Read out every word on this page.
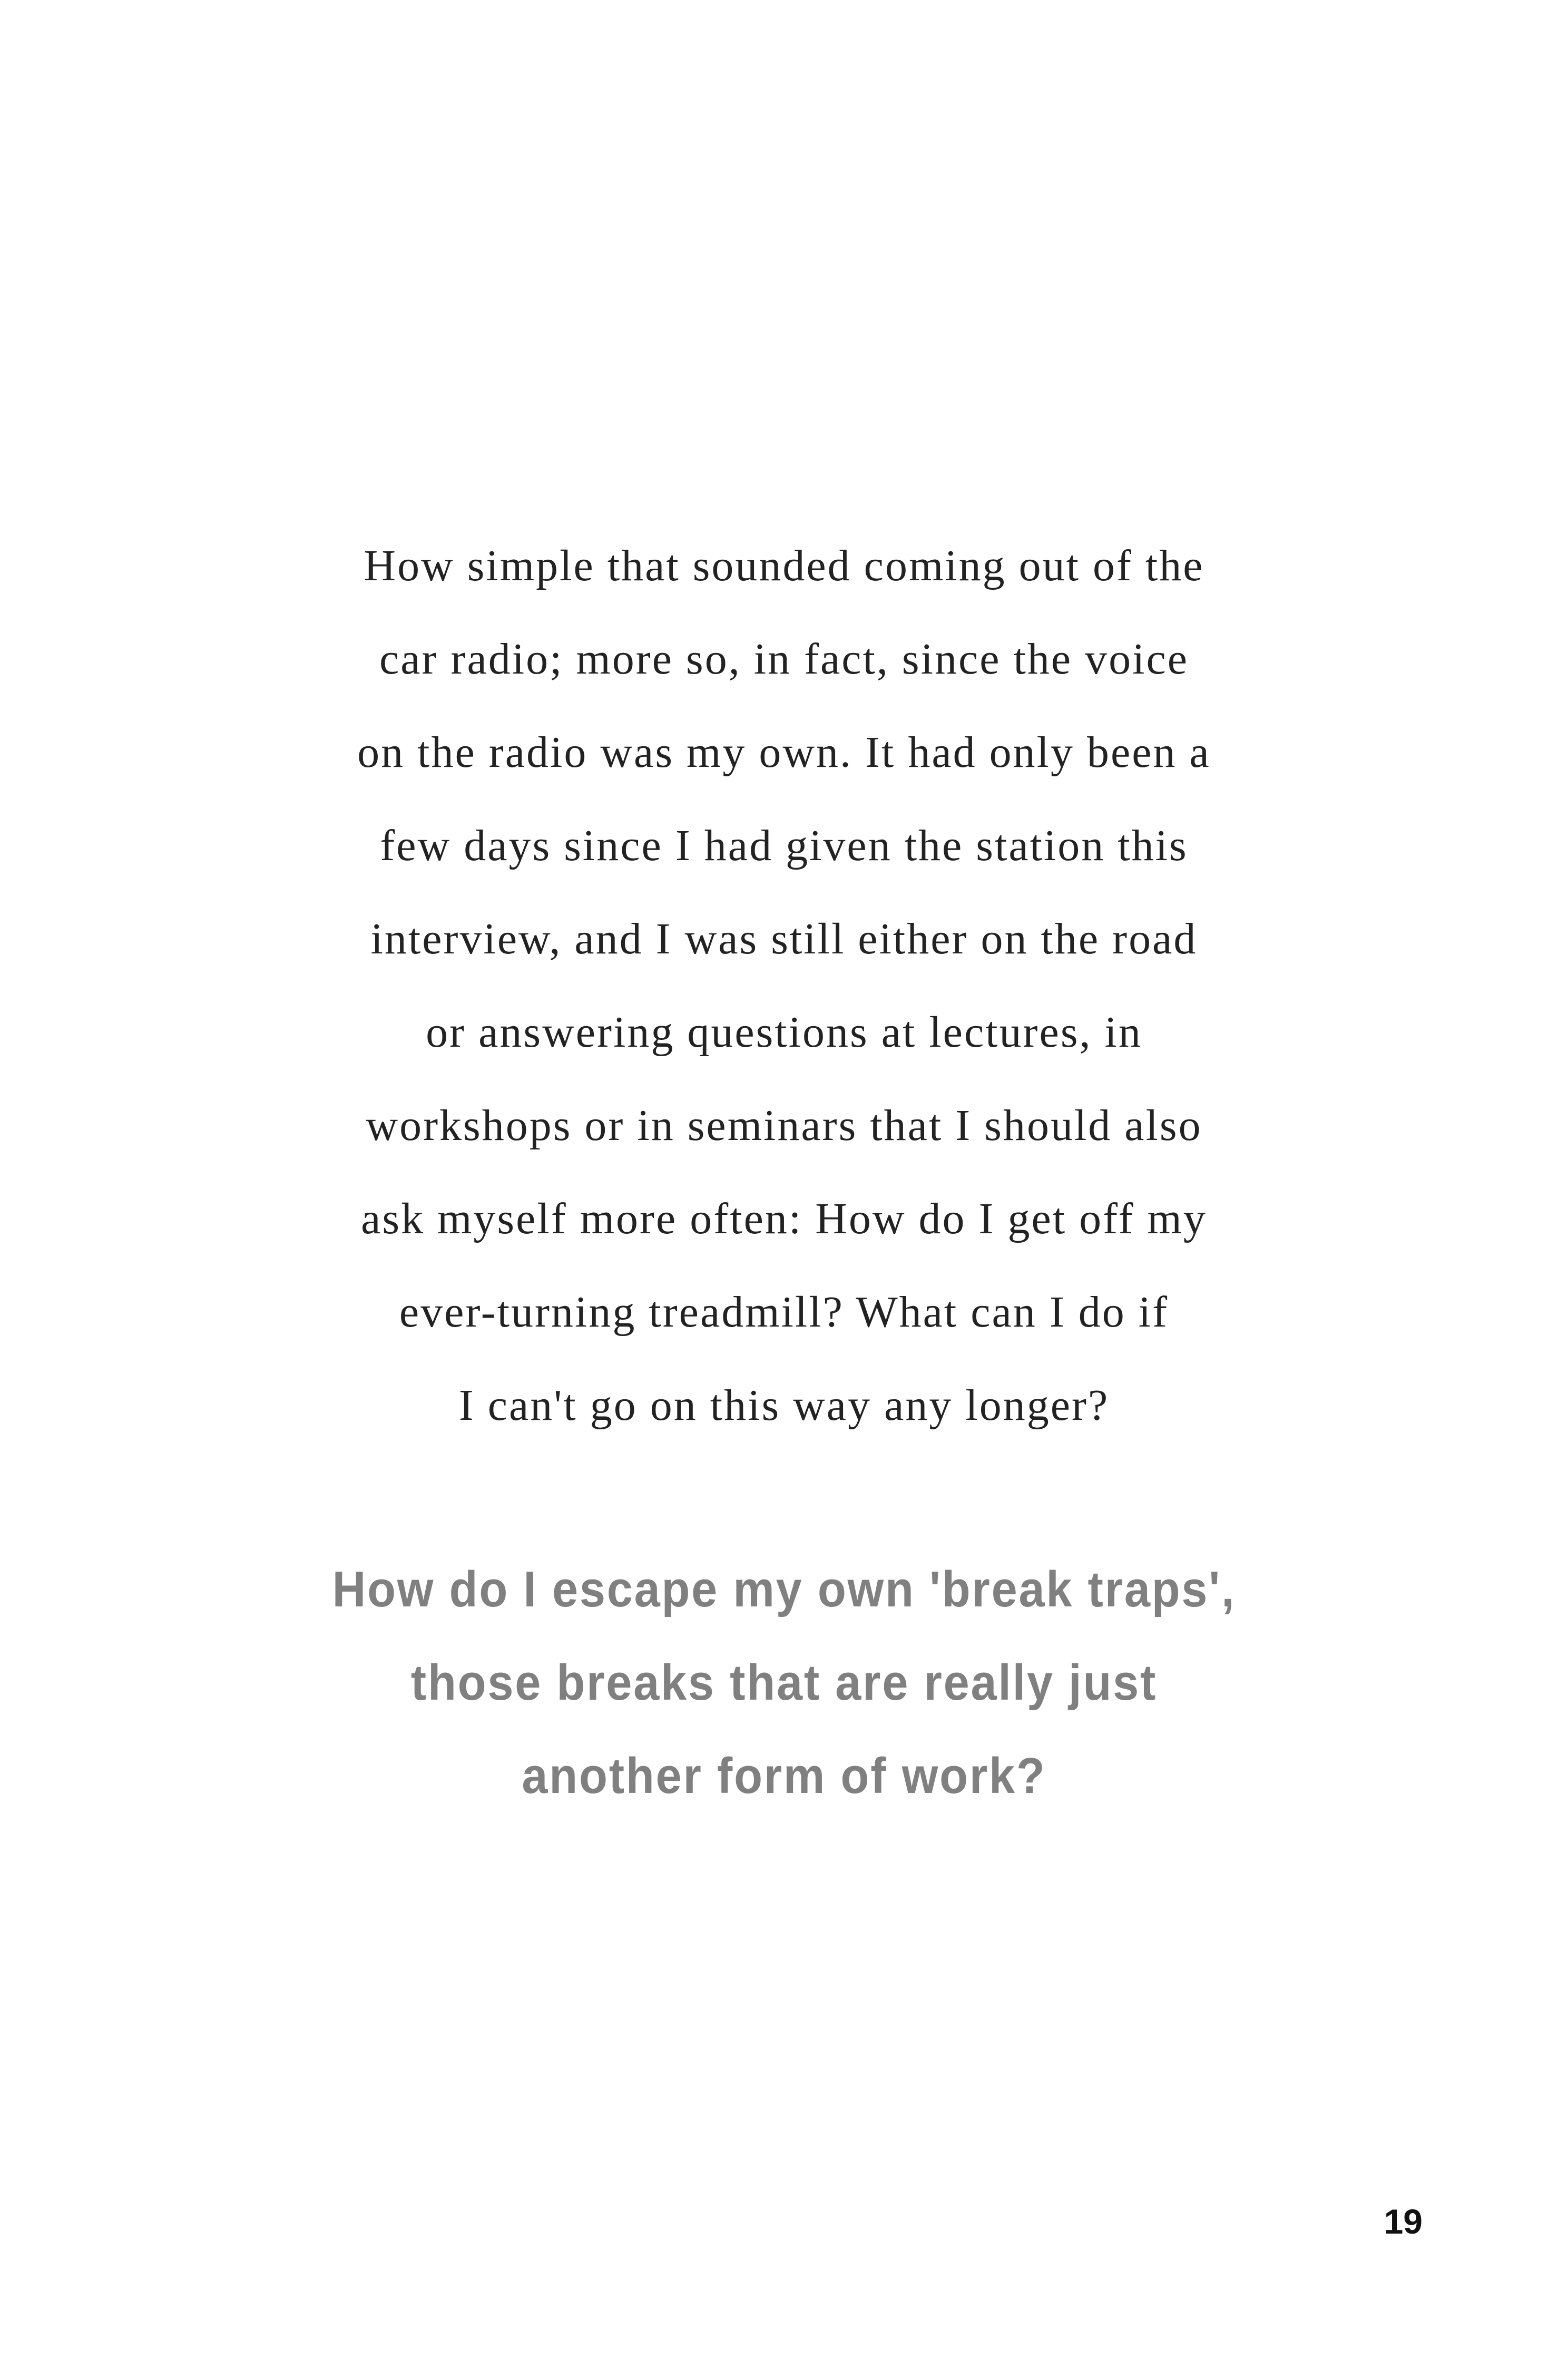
How simple that sounded coming out of the
car radio; more so, in fact, since the voice
on the radio was my own. It had only been a
few days since I had given the station this
interview, and I was still either on the road
or answering questions at lectures, in
workshops or in seminars that I should also
ask myself more often: How do I get off my
ever-turning treadmill? What can I do if
I can't go on this way any longer?

How do I escape my own 'break traps',
those breaks that are really just
another form of work?

19
